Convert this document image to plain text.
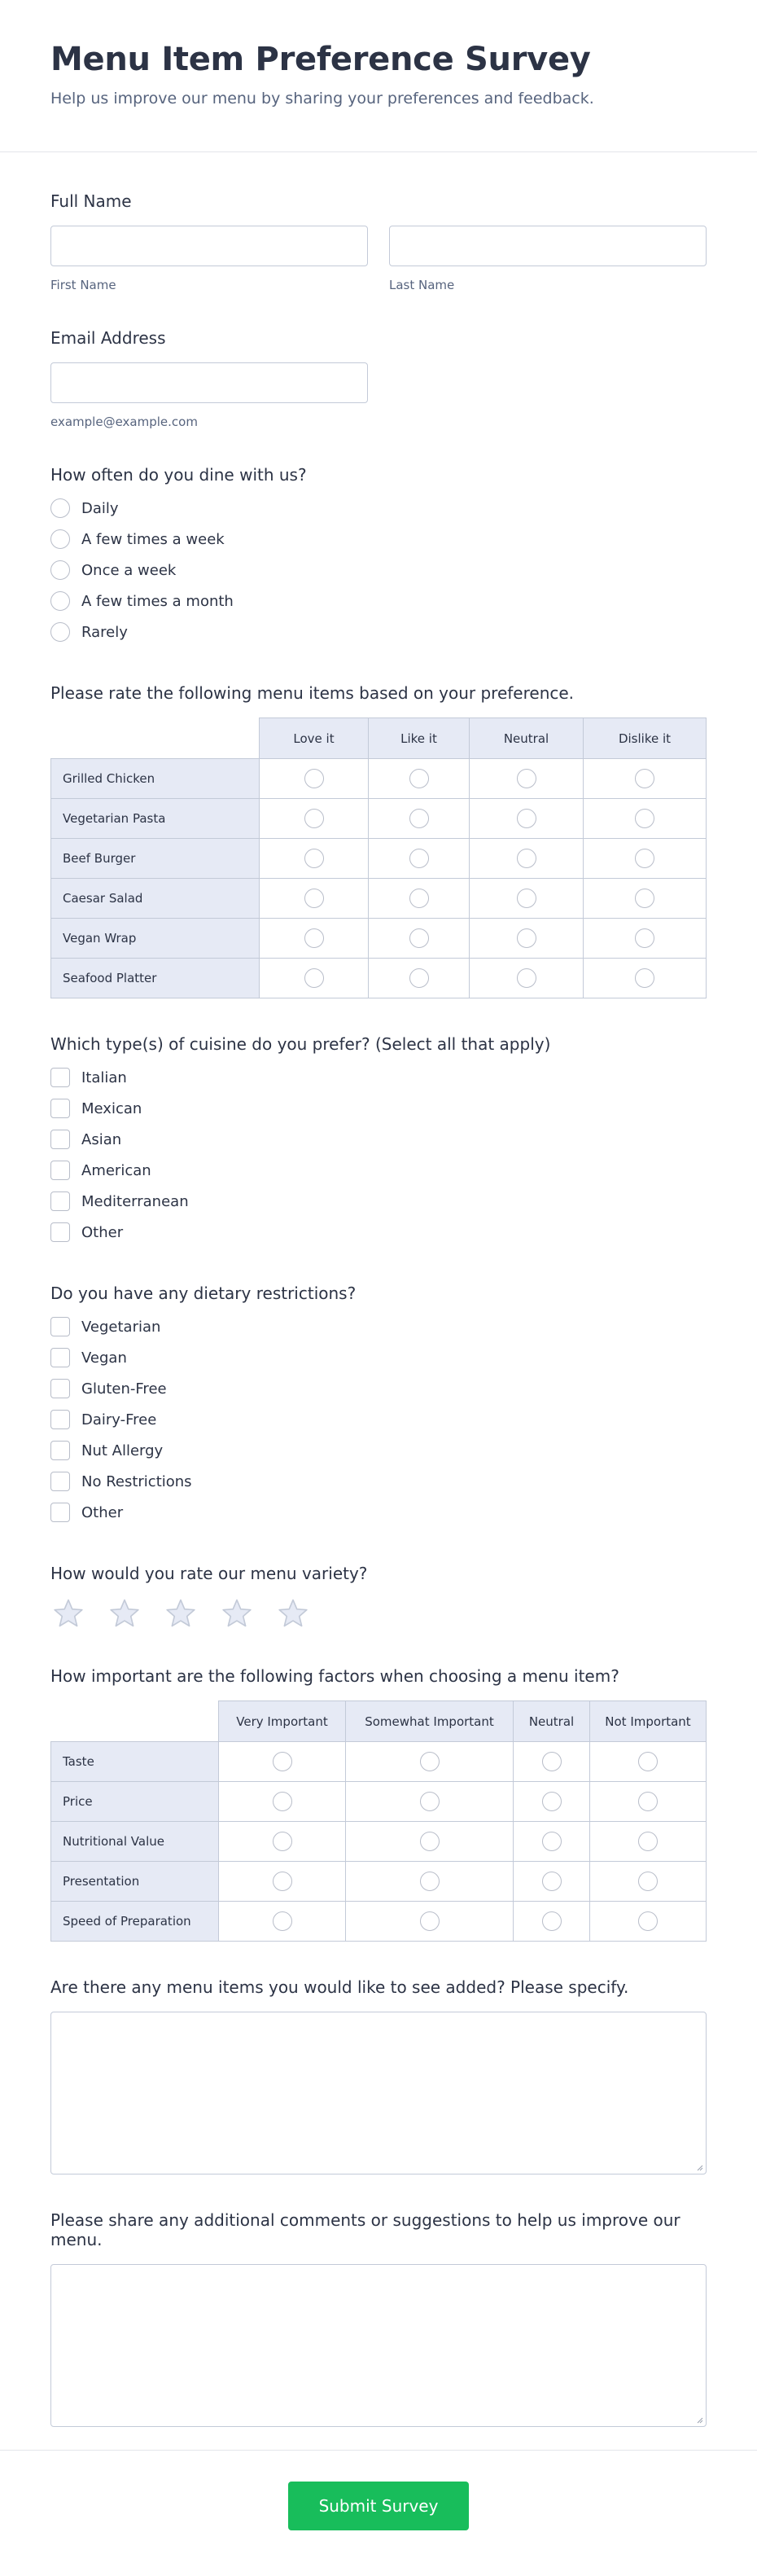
Menu Item Preference Survey

Help us improve our menu by sharing your preferences and feedback.

Full Name
First Name	Last Name
Email Address
example@example.com
How often do you dine with us?
Daily
A few times a week
Once a week
A few times a month
Rarely
Please rate the following menu items based on your preference.
	Love it	Like it	Neutral	Dislike it
Grilled Chicken				
Vegetarian Pasta				
Beef Burger				
Caesar Salad				
Vegan Wrap				
Seafood Platter				
Which type(s) of cuisine do you prefer? (Select all that apply)
Italian
Mexican
Asian
American
Mediterranean
Other
Do you have any dietary restrictions?
Vegetarian
Vegan
Gluten-Free
Dairy-Free
Nut Allergy
No Restrictions
Other
How would you rate our menu variety?
How important are the following factors when choosing a menu item?
	Very Important	Somewhat Important	Neutral	Not Important
Taste				
Price				
Nutritional Value				
Presentation				
Speed of Preparation				
Are there any menu items you would like to see added? Please specify.
Please share any additional comments or suggestions to help us improve our menu.
Submit Survey
